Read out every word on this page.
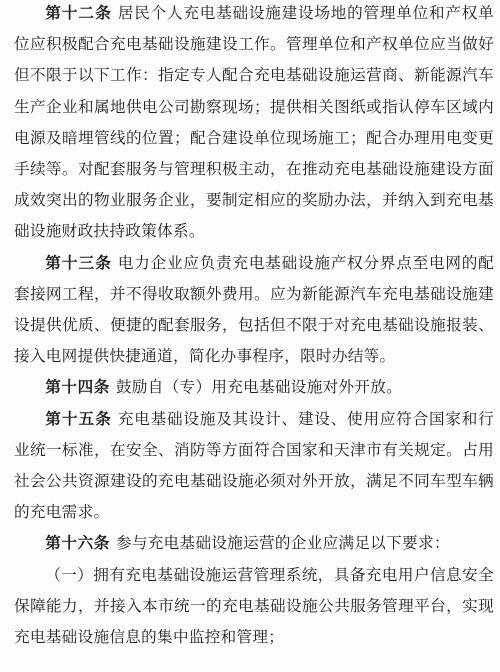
第十二条 居民个人充电基础设施建设场地的管理单位和产权单位应积极配合充电基础设施建设工作。管理单位和产权单位应当做好但不限于以下工作：指定专人配合充电基础设施运营商、新能源汽车生产企业和属地供电公司勘察现场；提供相关图纸或指认停车区域内电源及暗埋管线的位置；配合建设单位现场施工；配合办理用电变更手续等。对配套服务与管理积极主动，在推动充电基础设施建设方面成效突出的物业服务企业，要制定相应的奖励办法，并纳入到充电基础设施财政扶持政策体系。

第十三条 电力企业应负责充电基础设施产权分界点至电网的配套接网工程，并不得收取额外费用。应为新能源汽车充电基础设施建设提供优质、便捷的配套服务，包括但不限于对充电基础设施报装、接入电网提供快捷通道，简化办事程序，限时办结等。

第十四条 鼓励自（专）用充电基础设施对外开放。

第十五条 充电基础设施及其设计、建设、使用应符合国家和行业统一标准，在安全、消防等方面符合国家和天津市有关规定。占用社会公共资源建设的充电基础设施必须对外开放，满足不同车型车辆的充电需求。

第十六条 参与充电基础设施运营的企业应满足以下要求：

（一）拥有充电基础设施运营管理系统，具备充电用户信息安全保障能力，并接入本市统一的充电基础设施公共服务管理平台，实现充电基础设施信息的集中监控和管理；
